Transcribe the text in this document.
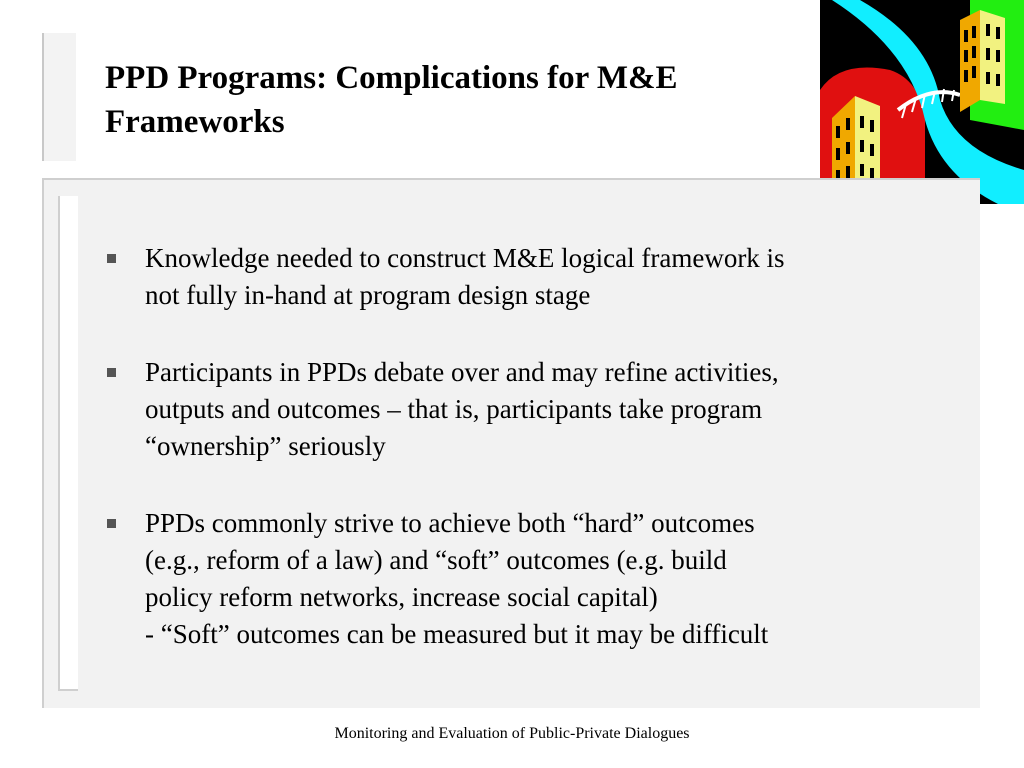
PPD Programs: Complications for M&E
Frameworks
Knowledge needed to construct M&E logical framework is
not fully in-hand at program design stage
Participants in PPDs debate over and may refine activities,
outputs and outcomes – that is, participants take program
“ownership” seriously
PPDs commonly strive to achieve both “hard” outcomes
(e.g., reform of a law) and “soft” outcomes (e.g. build
policy reform networks, increase social capital)
- “Soft” outcomes can be measured but it may be difficult
Monitoring and Evaluation of Public-Private Dialogues
